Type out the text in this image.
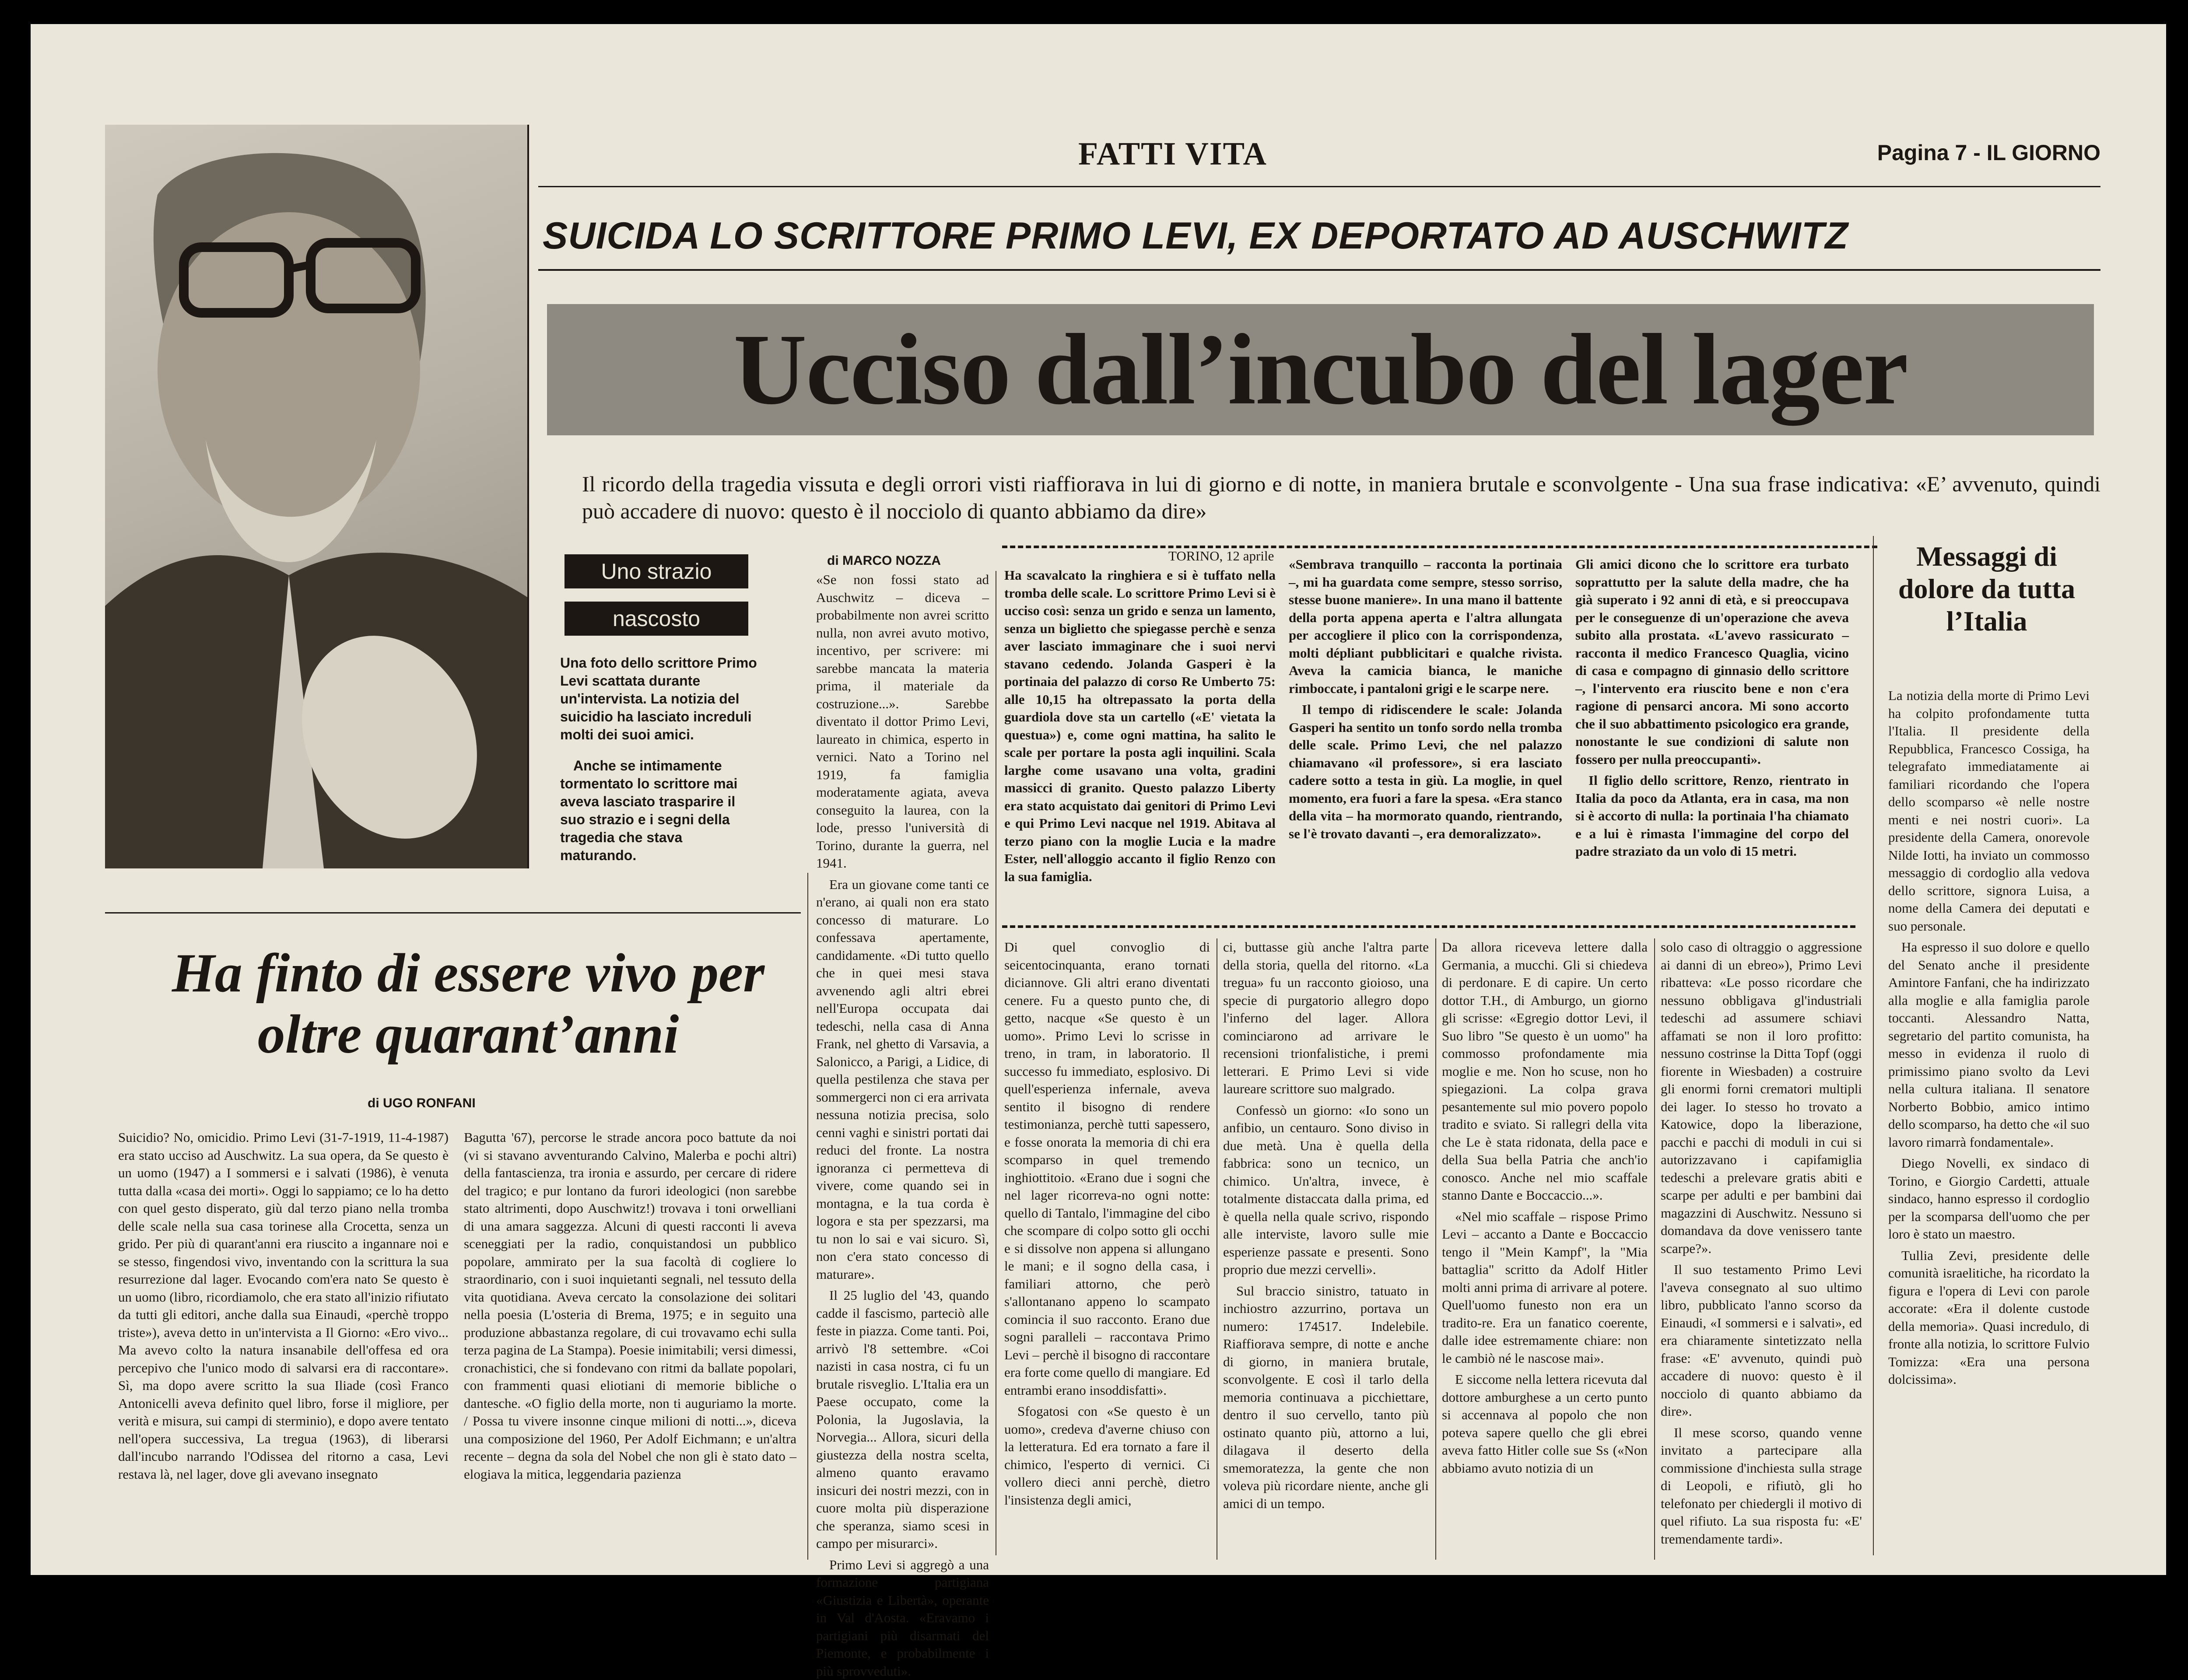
FATTI VITA	Pagina 7 - IL GIORNO
SUICIDA LO SCRITTORE PRIMO LEVI, EX DEPORTATO AD AUSCHWITZ
Ucciso dall’incubo del lager
Il ricordo della tragedia vissuta e degli orrori visti riaffiorava in lui di giorno e di notte, in maniera brutale e sconvolgente - Una sua frase indicativa: «E’ avvenuto, quindi può accadere di nuovo: questo è il nocciolo di quanto abbiamo da dire»
Uno strazio
nascosto

Una foto dello scrittore Primo Levi scattata durante un'intervista. La notizia del suicidio ha lasciato increduli molti dei suoi amici.

Anche se intimamente tormentato lo scrittore mai aveva lasciato trasparire il suo strazio e i segni della tragedia che stava maturando.

di MARCO NOZZA	TORINO, 12 aprile

«Se non fossi stato ad Auschwitz – diceva – probabilmente non avrei scritto nulla, non avrei avuto motivo, incentivo, per scrivere: mi sarebbe mancata la materia prima, il materiale da costruzione...». Sarebbe diventato il dottor Primo Levi, laureato in chimica, esperto in vernici. Nato a Torino nel 1919, fa famiglia moderatamente agiata, aveva conseguito la laurea, con la lode, presso l'università di Torino, durante la guerra, nel 1941.

Era un giovane come tanti ce n'erano, ai quali non era stato concesso di maturare. Lo confessava apertamente, candidamente. «Di tutto quello che in quei mesi stava avvenendo agli altri ebrei nell'Europa occupata dai tedeschi, nella casa di Anna Frank, nel ghetto di Varsavia, a Salonicco, a Parigi, a Lidice, di quella pestilenza che stava per sommergerci non ci era arrivata nessuna notizia precisa, solo cenni vaghi e sinistri portati dai reduci del fronte. La nostra ignoranza ci permetteva di vivere, come quando sei in montagna, e la tua corda è logora e sta per spezzarsi, ma tu non lo sai e vai sicuro. Sì, non c'era stato concesso di maturare».

Il 25 luglio del '43, quando cadde il fascismo, parteciò alle feste in piazza. Come tanti. Poi, arrivò l'8 settembre. «Coi nazisti in casa nostra, ci fu un brutale risveglio. L'Italia era un Paese occupato, come la Polonia, la Jugoslavia, la Norvegia... Allora, sicuri della giustezza della nostra scelta, almeno quanto eravamo insicuri dei nostri mezzi, con in cuore molta più disperazione che speranza, siamo scesi in campo per misurarci».

Primo Levi si aggregò a una formazione partigiana «Giustizia e Libertà», operante in Val d'Aosta. «Eravamo i partigiani più disarmati del Piemonte, e probabilmente i più sprovveduti».

Ha scavalcato la ringhiera e si è tuffato nella tromba delle scale. Lo scrittore Primo Levi si è ucciso così: senza un grido e senza un lamento, senza un biglietto che spiegasse perchè e senza aver lasciato immaginare che i suoi nervi stavano cedendo. Jolanda Gasperi è la portinaia del palazzo di corso Re Umberto 75: alle 10,15 ha oltrepassato la porta della guardiola dove sta un cartello («E' vietata la questua») e, come ogni mattina, ha salito le scale per portare la posta agli inquilini. Scala larghe come usavano una volta, gradini massicci di granito. Questo palazzo Liberty era stato acquistato dai genitori di Primo Levi e qui Primo Levi nacque nel 1919. Abitava al terzo piano con la moglie Lucia e la madre Ester, nell'alloggio accanto il figlio Renzo con la sua famiglia.

«Sembrava tranquillo – racconta la portinaia –, mi ha guardata come sempre, stesso sorriso, stesse buone maniere». In una mano il battente della porta appena aperta e l'altra allungata per accogliere il plico con la corrispondenza, molti dépliant pubblicitari e qualche rivista. Aveva la camicia bianca, le maniche rimboccate, i pantaloni grigi e le scarpe nere.

Il tempo di ridiscendere le scale: Jolanda Gasperi ha sentito un tonfo sordo nella tromba delle scale. Primo Levi, che nel palazzo chiamavano «il professore», si era lasciato cadere sotto a testa in giù. La moglie, in quel momento, era fuori a fare la spesa. «Era stanco della vita – ha mormorato quando, rientrando, se l'è trovato davanti –, era demoralizzato».

Gli amici dicono che lo scrittore era turbato soprattutto per la salute della madre, che ha già superato i 92 anni di età, e si preoccupava per le conseguenze di un'operazione che aveva subito alla prostata. «L'avevo rassicurato – racconta il medico Francesco Quaglia, vicino di casa e compagno di ginnasio dello scrittore –, l'intervento era riuscito bene e non c'era ragione di pensarci ancora. Mi sono accorto che il suo abbattimento psicologico era grande, nonostante le sue condizioni di salute non fossero per nulla preoccupanti».

Il figlio dello scrittore, Renzo, rientrato in Italia da poco da Atlanta, era in casa, ma non si è accorto di nulla: la portinaia l'ha chiamato e a lui è rimasta l'immagine del corpo del padre straziato da un volo di 15 metri.

Di quel convoglio di seicentocinquanta, erano tornati diciannove. Gli altri erano diventati cenere. Fu a questo punto che, di getto, nacque «Se questo è un uomo». Primo Levi lo scrisse in treno, in tram, in laboratorio. Il successo fu immediato, esplosivo. Di quell'esperienza infernale, aveva sentito il bisogno di rendere testimonianza, perchè tutti sapessero, e fosse onorata la memoria di chi era scomparso in quel tremendo inghiottitoio. «Erano due i sogni che nel lager ricorreva-no ogni notte: quello di Tantalo, l'immagine del cibo che scompare di colpo sotto gli occhi e si dissolve non appena si allungano le mani; e il sogno della casa, i familiari attorno, che però s'allontanano appeno lo scampato comincia il suo racconto. Erano due sogni paralleli – raccontava Primo Levi – perchè il bisogno di raccontare era forte come quello di mangiare. Ed entrambi erano insoddisfatti».

Sfogatosi con «Se questo è un uomo», credeva d'averne chiuso con la letteratura. Ed era tornato a fare il chimico, l'esperto di vernici. Ci vollero dieci anni perchè, dietro l'insistenza degli amici,

ci, buttasse giù anche l'altra parte della storia, quella del ritorno. «La tregua» fu un racconto gioioso, una specie di purgatorio allegro dopo l'inferno del lager. Allora cominciarono ad arrivare le recensioni trionfalistiche, i premi letterari. E Primo Levi si vide laureare scrittore suo malgrado.

Confessò un giorno: «Io sono un anfibio, un centauro. Sono diviso in due metà. Una è quella della fabbrica: sono un tecnico, un chimico. Un'altra, invece, è totalmente distaccata dalla prima, ed è quella nella quale scrivo, rispondo alle interviste, lavoro sulle mie esperienze passate e presenti. Sono proprio due mezzi cervelli».

Sul braccio sinistro, tatuato in inchiostro azzurrino, portava un numero: 174517. Indelebile. Riaffiorava sempre, di notte e anche di giorno, in maniera brutale, sconvolgente. E così il tarlo della memoria continuava a picchiettare, dentro il suo cervello, tanto più ostinato quanto più, attorno a lui, dilagava il deserto della smemoratezza, la gente che non voleva più ricordare niente, anche gli amici di un tempo.

Da allora riceveva lettere dalla Germania, a mucchi. Gli si chiedeva di perdonare. E di capire. Un certo dottor T.H., di Amburgo, un giorno gli scrisse: «Egregio dottor Levi, il Suo libro "Se questo è un uomo" ha commosso profondamente mia moglie e me. Non ho scuse, non ho spiegazioni. La colpa grava pesantemente sul mio povero popolo tradito e sviato. Si rallegri della vita che Le è stata ridonata, della pace e della Sua bella Patria che anch'io conosco. Anche nel mio scaffale stanno Dante e Boccaccio...».

«Nel mio scaffale – rispose Primo Levi – accanto a Dante e Boccaccio tengo il "Mein Kampf", la "Mia battaglia" scritto da Adolf Hitler molti anni prima di arrivare al potere. Quell'uomo funesto non era un tradito-re. Era un fanatico coerente, dalle idee estremamente chiare: non le cambiò né le nascose mai».

E siccome nella lettera ricevuta dal dottore amburghese a un certo punto si accennava al popolo che non poteva sapere quello che gli ebrei aveva fatto Hitler colle sue Ss («Non abbiamo avuto notizia di un

solo caso di oltraggio o aggressione ai danni di un ebreo»), Primo Levi ribatteva: «Le posso ricordare che nessuno obbligava gl'industriali tedeschi ad assumere schiavi affamati se non il loro profitto: nessuno costrinse la Ditta Topf (oggi fiorente in Wiesbaden) a costruire gli enormi forni crematori multipli dei lager. Io stesso ho trovato a Katowice, dopo la liberazione, pacchi e pacchi di moduli in cui si autorizzavano i capifamiglia tedeschi a prelevare gratis abiti e scarpe per adulti e per bambini dai magazzini di Auschwitz. Nessuno si domandava da dove venissero tante scarpe?».

Il suo testamento Primo Levi l'aveva consegnato al suo ultimo libro, pubblicato l'anno scorso da Einaudi, «I sommersi e i salvati», ed era chiaramente sintetizzato nella frase: «E' avvenuto, quindi può accadere di nuovo: questo è il nocciolo di quanto abbiamo da dire».

Il mese scorso, quando venne invitato a partecipare alla commissione d'inchiesta sulla strage di Leopoli, e rifiutò, gli ho telefonato per chiedergli il motivo di quel rifiuto. La sua risposta fu: «E' tremendamente tardi».

Messaggi di dolore da tutta l’Italia

La notizia della morte di Primo Levi ha colpito profondamente tutta l'Italia. Il presidente della Repubblica, Francesco Cossiga, ha telegrafato immediatamente ai familiari ricordando che l'opera dello scomparso «è nelle nostre menti e nei nostri cuori». La presidente della Camera, onorevole Nilde Iotti, ha inviato un commosso messaggio di cordoglio alla vedova dello scrittore, signora Luisa, a nome della Camera dei deputati e suo personale.

Ha espresso il suo dolore e quello del Senato anche il presidente Amintore Fanfani, che ha indirizzato alla moglie e alla famiglia parole toccanti. Alessandro Natta, segretario del partito comunista, ha messo in evidenza il ruolo di primissimo piano svolto da Levi nella cultura italiana. Il senatore Norberto Bobbio, amico intimo dello scomparso, ha detto che «il suo lavoro rimarrà fondamentale».

Diego Novelli, ex sindaco di Torino, e Giorgio Cardetti, attuale sindaco, hanno espresso il cordoglio per la scomparsa dell'uomo che per loro è stato un maestro.

Tullia Zevi, presidente delle comunità israelitiche, ha ricordato la figura e l'opera di Levi con parole accorate: «Era il dolente custode della memoria». Quasi incredulo, di fronte alla notizia, lo scrittore Fulvio Tomizza: «Era una persona dolcissima».

Ha finto di essere vivo per oltre quarant’anni
di UGO RONFANI

Suicidio? No, omicidio. Primo Levi (31-7-1919, 11-4-1987) era stato ucciso ad Auschwitz. La sua opera, da Se questo è un uomo (1947) a I sommersi e i salvati (1986), è venuta tutta dalla «casa dei morti». Oggi lo sappiamo; ce lo ha detto con quel gesto disperato, giù dal terzo piano nella tromba delle scale nella sua casa torinese alla Crocetta, senza un grido. Per più di quarant'anni era riuscito a ingannare noi e se stesso, fingendosi vivo, inventando con la scrittura la sua resurrezione dal lager. Evocando com'era nato Se questo è un uomo (libro, ricordiamolo, che era stato all'inizio rifiutato da tutti gli editori, anche dalla sua Einaudi, «perchè troppo triste»), aveva detto in un'intervista a Il Giorno: «Ero vivo... Ma avevo colto la natura insanabile dell'offesa ed ora percepivo che l'unico modo di salvarsi era di raccontare». Sì, ma dopo avere scritto la sua Iliade (così Franco Antonicelli aveva definito quel libro, forse il migliore, per verità e misura, sui campi di sterminio), e dopo avere tentato nell'opera successiva, La tregua (1963), di liberarsi dall'incubo narrando l'Odissea del ritorno a casa, Levi restava là, nel lager, dove gli avevano insegnato

Bagutta '67), percorse le strade ancora poco battute da noi (vi si stavano avventurando Calvino, Malerba e pochi altri) della fantascienza, tra ironia e assurdo, per cercare di ridere del tragico; e pur lontano da furori ideologici (non sarebbe stato altrimenti, dopo Auschwitz!) trovava i toni orwelliani di una amara saggezza. Alcuni di questi racconti li aveva sceneggiati per la radio, conquistandosi un pubblico popolare, ammirato per la sua facoltà di cogliere lo straordinario, con i suoi inquietanti segnali, nel tessuto della vita quotidiana. Aveva cercato la consolazione dei solitari nella poesia (L'osteria di Brema, 1975; e in seguito una produzione abbastanza regolare, di cui trovavamo echi sulla terza pagina de La Stampa). Poesie inimitabili; versi dimessi, cronachistici, che si fondevano con ritmi da ballate popolari, con frammenti quasi eliotiani di memorie bibliche o dantesche. «O figlio della morte, non ti auguriamo la morte. / Possa tu vivere insonne cinque milioni di notti...», diceva una composizione del 1960, Per Adolf Eichmann; e un'altra recente – degna da sola del Nobel che non gli è stato dato – elogiava la mitica, leggendaria pazienza
